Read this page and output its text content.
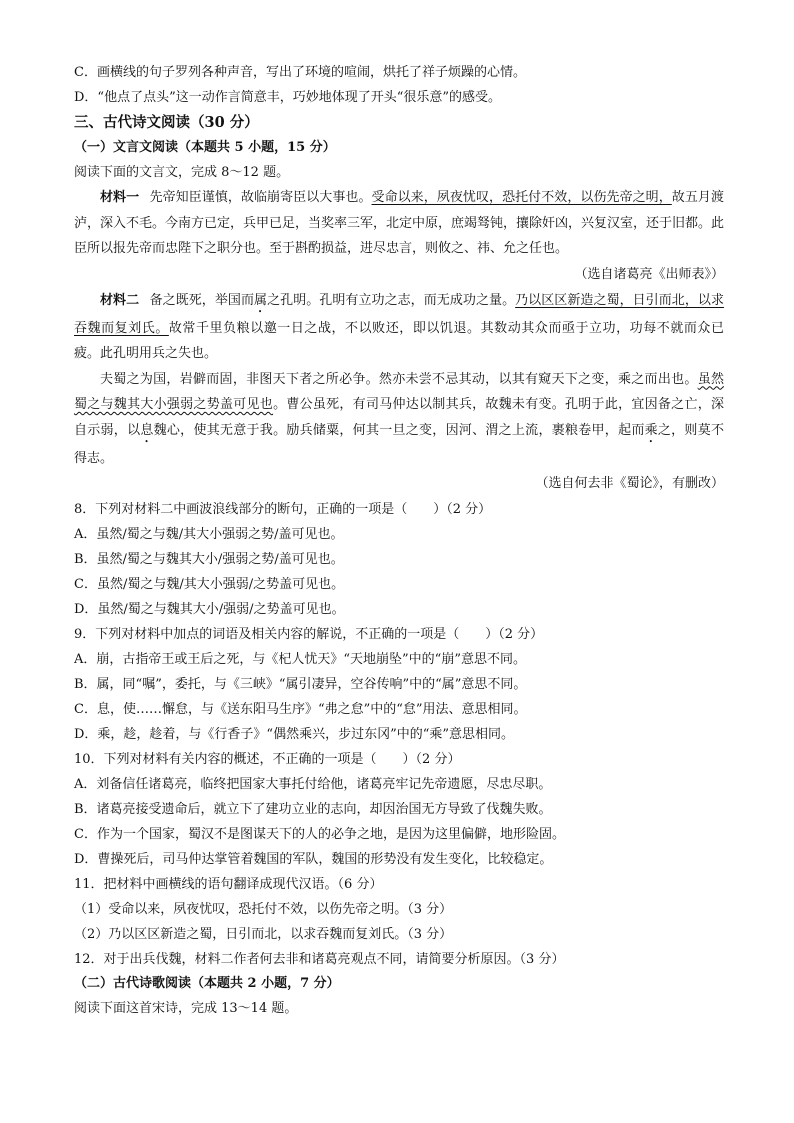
C．画横线的句子罗列各种声音，写出了环境的喧闹，烘托了祥子烦躁的心情。
D．“他点了点头”这一动作言简意丰，巧妙地体现了开头“很乐意”的感受。
三、古代诗文阅读（30 分）
（一）文言文阅读（本题共 5 小题，15 分）
阅读下面的文言文，完成 8～12 题。
材料一 先帝知臣谨慎，故临崩寄臣以大事也。受命以来，夙夜忧叹，恐托付不效，以伤先帝之明，故五月渡泸，深入不毛。今南方已定，兵甲已足，当奖率三军，北定中原，庶竭驽钝，攘除奸凶，兴复汉室，还于旧都。此臣所以报先帝而忠陛下之职分也。至于斟酌损益，进尽忠言，则攸之、祎、允之任也。
（选自诸葛亮《出师表》）
材料二 备之既死，举国而属之孔明。孔明有立功之志，而无成功之量。乃以区区新造之蜀，日引而北，以求吞魏而复刘氏。故常千里负粮以邀一日之战，不以败还，即以饥退。其数动其众而亟于立功，功每不就而众已疲。此孔明用兵之失也。
夫蜀之为国，岩僻而固，非图天下者之所必争。然亦未尝不忌其动，以其有窥天下之变，乘之而出也。虽然蜀之与魏其大小强弱之势盖可见也。曹公虽死，有司马仲达以制其兵，故魏未有变。孔明于此，宜因备之亡，深自示弱，以息魏心，使其无意于我。励兵储粟，何其一旦之变，因河、渭之上流，裹粮卷甲，起而乘之，则莫不得志。
（选自何去非《蜀论》，有删改）
8．下列对材料二中画波浪线部分的断句，正确的一项是（　　）（2 分）
A．虽然/蜀之与魏/其大小强弱之势/盖可见也。
B．虽然/蜀之与魏其大小/强弱之势/盖可见也。
C．虽然/蜀之与魏/其大小强弱/之势盖可见也。
D．虽然/蜀之与魏其大小/强弱/之势盖可见也。
9．下列对材料中加点的词语及相关内容的解说，不正确的一项是（　　）（2 分）
A．崩，古指帝王或王后之死，与《杞人忧天》“天地崩坠”中的“崩”意思不同。
B．属，同“嘱”，委托，与《三峡》“属引凄异，空谷传响”中的“属”意思不同。
C．息，使……懈怠，与《送东阳马生序》“弗之怠”中的“怠”用法、意思相同。
D．乘，趁，趁着，与《行香子》“偶然乘兴，步过东冈”中的“乘”意思相同。
10．下列对材料有关内容的概述，不正确的一项是（　　）（2 分）
A．刘备信任诸葛亮，临终把国家大事托付给他，诸葛亮牢记先帝遗愿，尽忠尽职。
B．诸葛亮接受遗命后，就立下了建功立业的志向，却因治国无方导致了伐魏失败。
C．作为一个国家，蜀汉不是图谋天下的人的必争之地，是因为这里偏僻，地形险固。
D．曹操死后，司马仲达掌管着魏国的军队，魏国的形势没有发生变化，比较稳定。
11．把材料中画横线的语句翻译成现代汉语。（6 分）
（1）受命以来，夙夜忧叹，恐托付不效，以伤先帝之明。（3 分）
（2）乃以区区新造之蜀，日引而北，以求吞魏而复刘氏。（3 分）
12．对于出兵伐魏，材料二作者何去非和诸葛亮观点不同，请简要分析原因。（3 分）
（二）古代诗歌阅读（本题共 2 小题，7 分）
阅读下面这首宋诗，完成 13～14 题。
